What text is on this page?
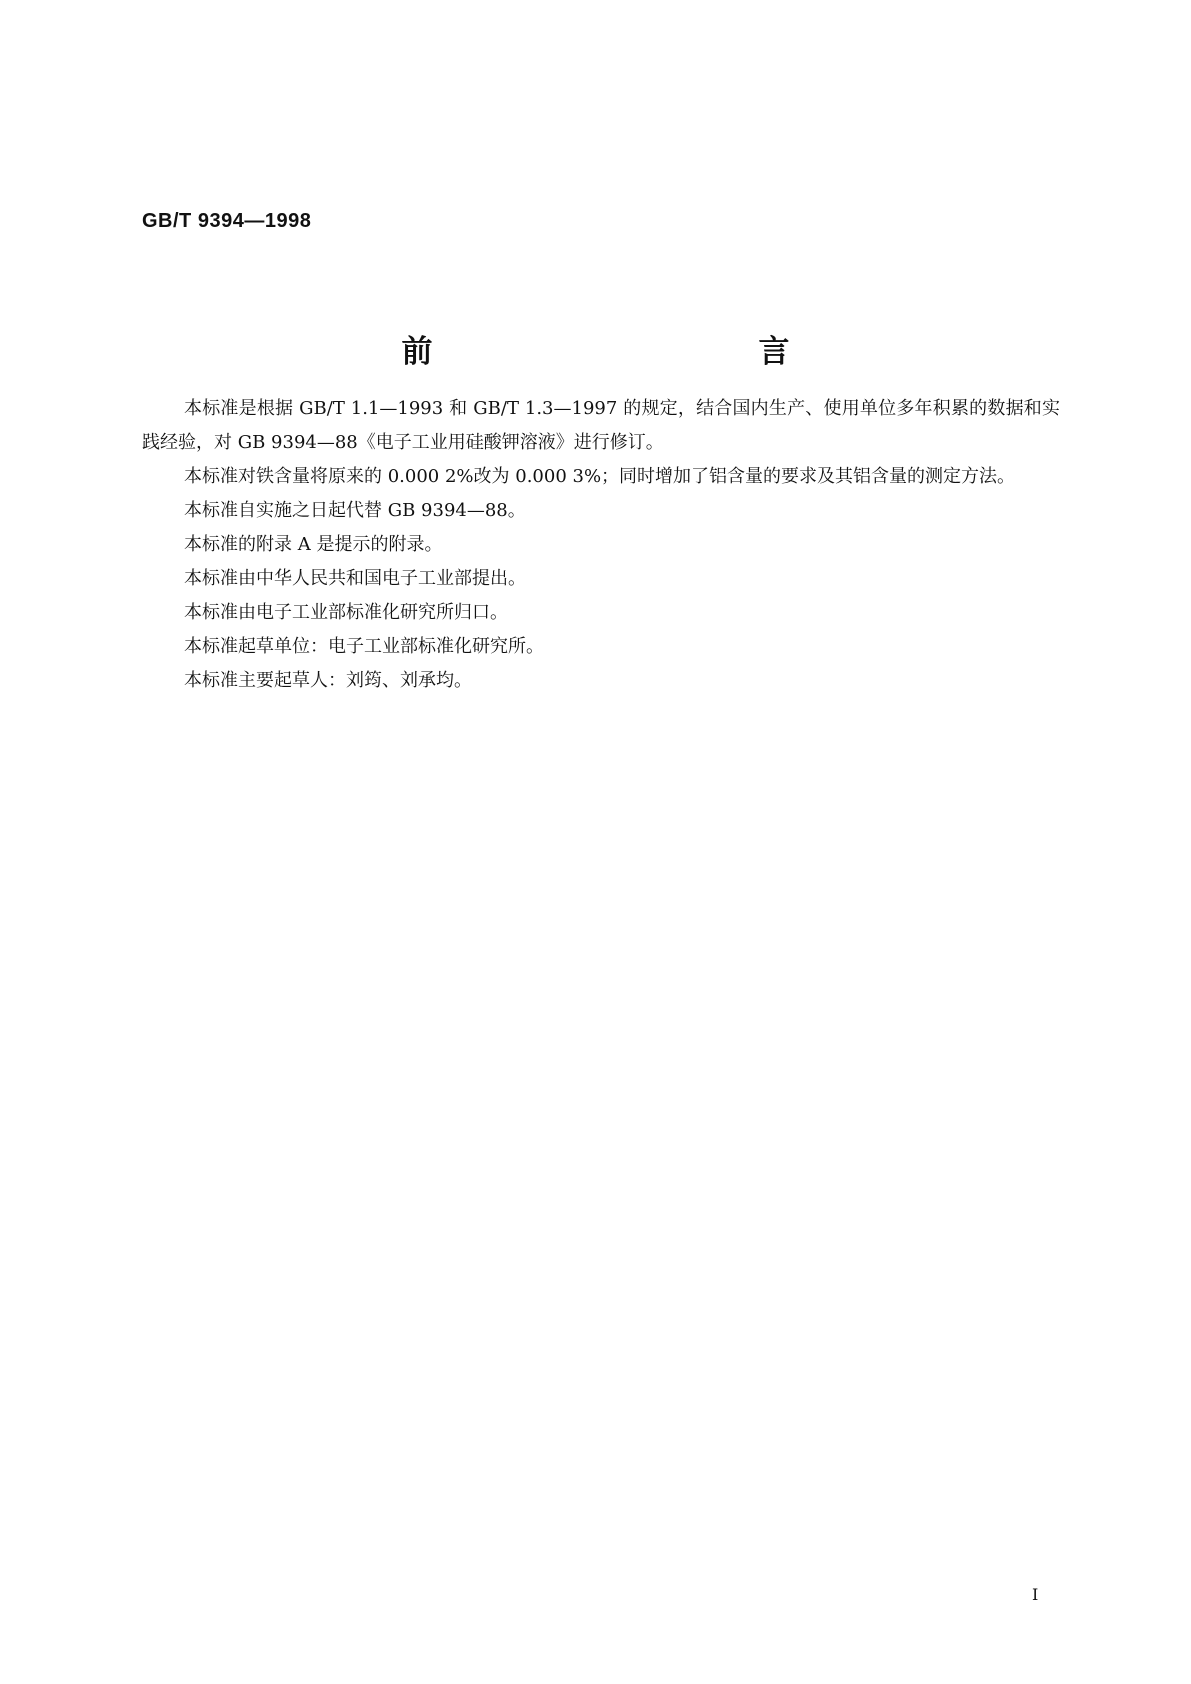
GB/T 9394—1998
前　　言

本标准是根据 GB/T 1.1—1993 和 GB/T 1.3—1997 的规定，结合国内生产、使用单位多年积累的数据和实践经验，对 GB 9394—88《电子工业用硅酸钾溶液》进行修订。

本标准对铁含量将原来的 0.000 2%改为 0.000 3%；同时增加了铝含量的要求及其铝含量的测定方法。

本标准自实施之日起代替 GB 9394—88。

本标准的附录 A 是提示的附录。

本标准由中华人民共和国电子工业部提出。

本标准由电子工业部标准化研究所归口。

本标准起草单位：电子工业部标准化研究所。

本标准主要起草人：刘筠、刘承均。

I
